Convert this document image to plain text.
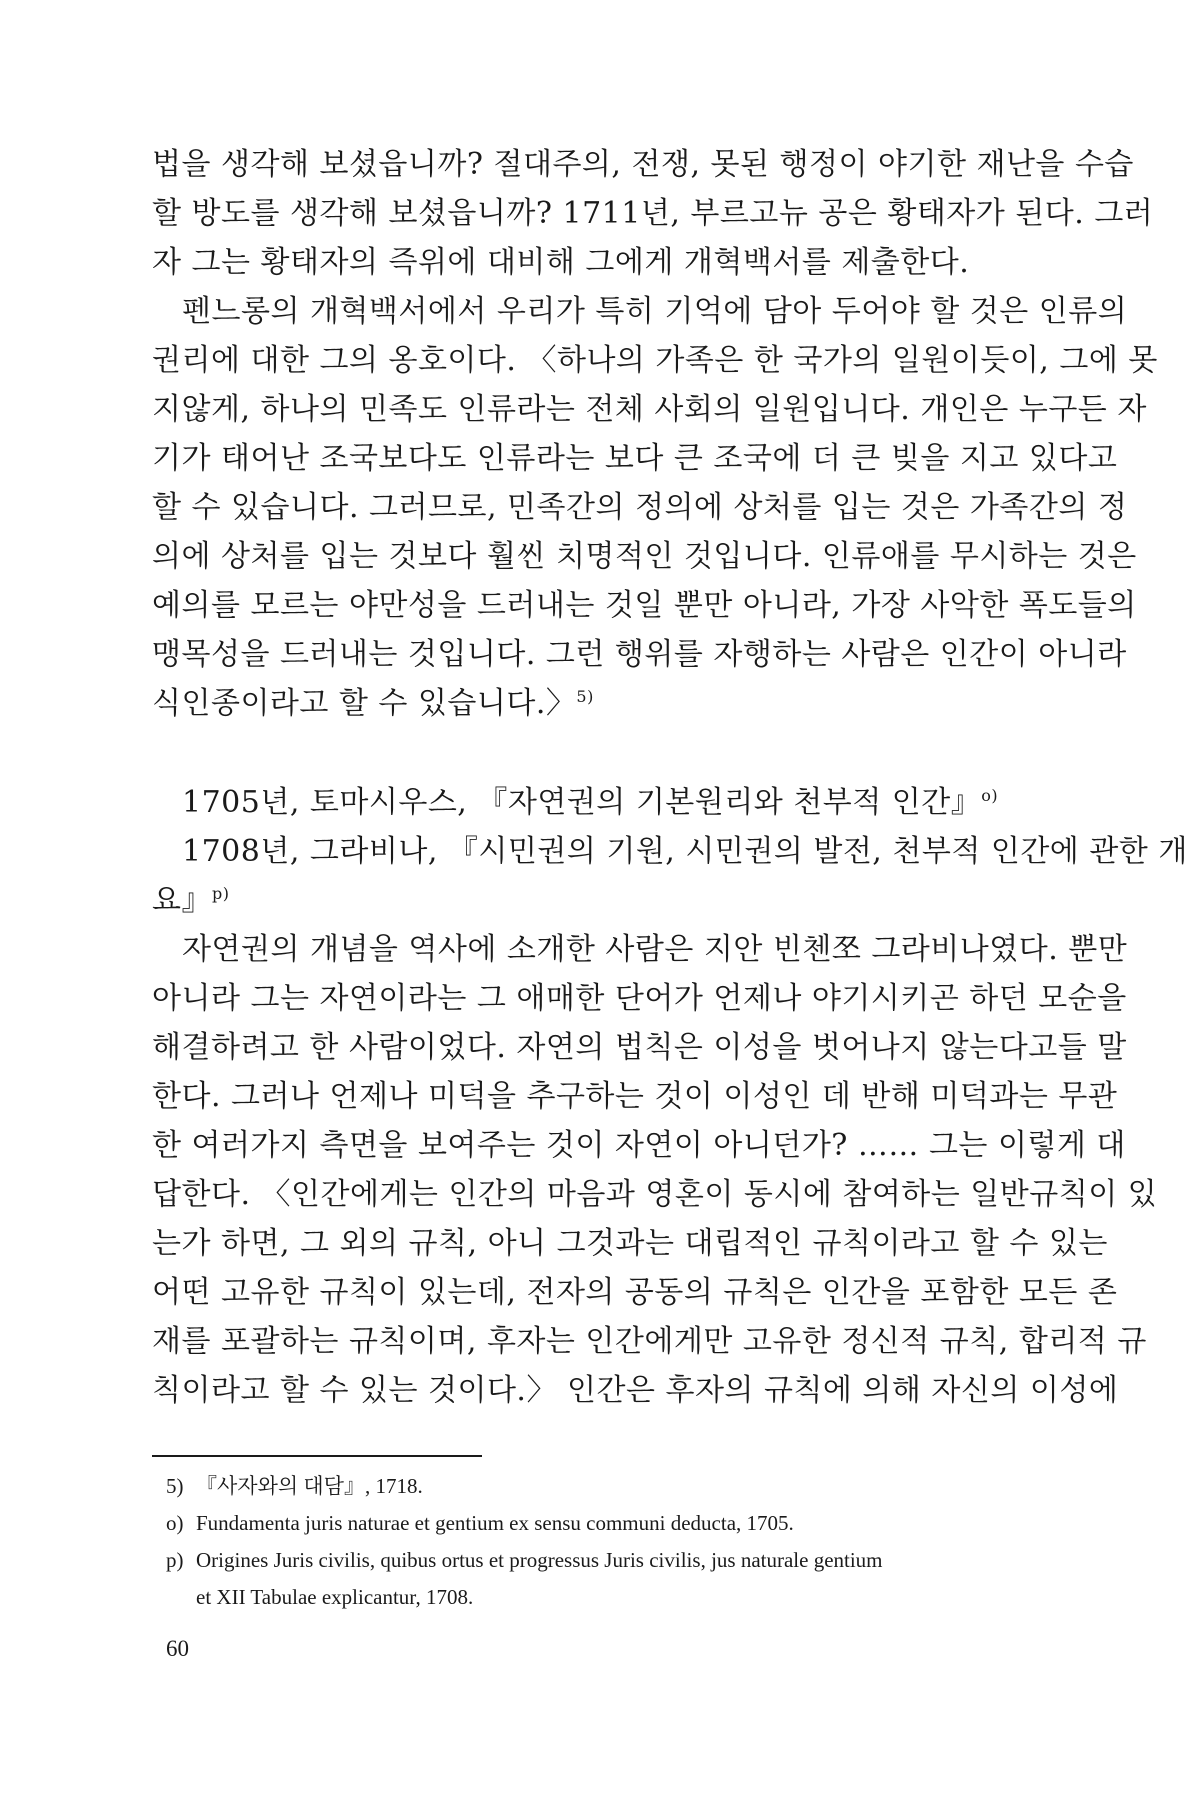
법을 생각해 보셨읍니까? 절대주의, 전쟁, 못된 행정이 야기한 재난을 수습
할 방도를 생각해 보셨읍니까? 1711년, 부르고뉴 공은 황태자가 된다. 그러
자 그는 황태자의 즉위에 대비해 그에게 개혁백서를 제출한다.
펜느롱의 개혁백서에서 우리가 특히 기억에 담아 두어야 할 것은 인류의
권리에 대한 그의 옹호이다. 〈하나의 가족은 한 국가의 일원이듯이, 그에 못
지않게, 하나의 민족도 인류라는 전체 사회의 일원입니다. 개인은 누구든 자
기가 태어난 조국보다도 인류라는 보다 큰 조국에 더 큰 빚을 지고 있다고
할 수 있습니다. 그러므로, 민족간의 정의에 상처를 입는 것은 가족간의 정
의에 상처를 입는 것보다 훨씬 치명적인 것입니다. 인류애를 무시하는 것은
예의를 모르는 야만성을 드러내는 것일 뿐만 아니라, 가장 사악한 폭도들의
맹목성을 드러내는 것입니다. 그런 행위를 자행하는 사람은 인간이 아니라
식인종이라고 할 수 있습니다.〉$^{5)}$
1705년, 토마시우스, 『자연권의 기본원리와 천부적 인간』$^{o)}$
1708년, 그라비나, 『시민권의 기원, 시민권의 발전, 천부적 인간에 관한 개
요』$^{p)}$
자연권의 개념을 역사에 소개한 사람은 지안 빈첸쪼 그라비나였다. 뿐만
아니라 그는 자연이라는 그 애매한 단어가 언제나 야기시키곤 하던 모순을
해결하려고 한 사람이었다. 자연의 법칙은 이성을 벗어나지 않는다고들 말
한다. 그러나 언제나 미덕을 추구하는 것이 이성인 데 반해 미덕과는 무관
한 여러가지 측면을 보여주는 것이 자연이 아니던가? …… 그는 이렇게 대
답한다. 〈인간에게는 인간의 마음과 영혼이 동시에 참여하는 일반규칙이 있
는가 하면, 그 외의 규칙, 아니 그것과는 대립적인 규칙이라고 할 수 있는
어떤 고유한 규칙이 있는데, 전자의 공동의 규칙은 인간을 포함한 모든 존
재를 포괄하는 규칙이며, 후자는 인간에게만 고유한 정신적 규칙, 합리적 규
칙이라고 할 수 있는 것이다.〉 인간은 후자의 규칙에 의해 자신의 이성에
5) 『사자와의 대담』, 1718.
o) Fundamenta juris naturae et gentium ex sensu communi deducta, 1705.
p) Origines Juris civilis, quibus ortus et progressus Juris civilis, jus naturale gentium
et XII Tabulae explicantur, 1708.
60
